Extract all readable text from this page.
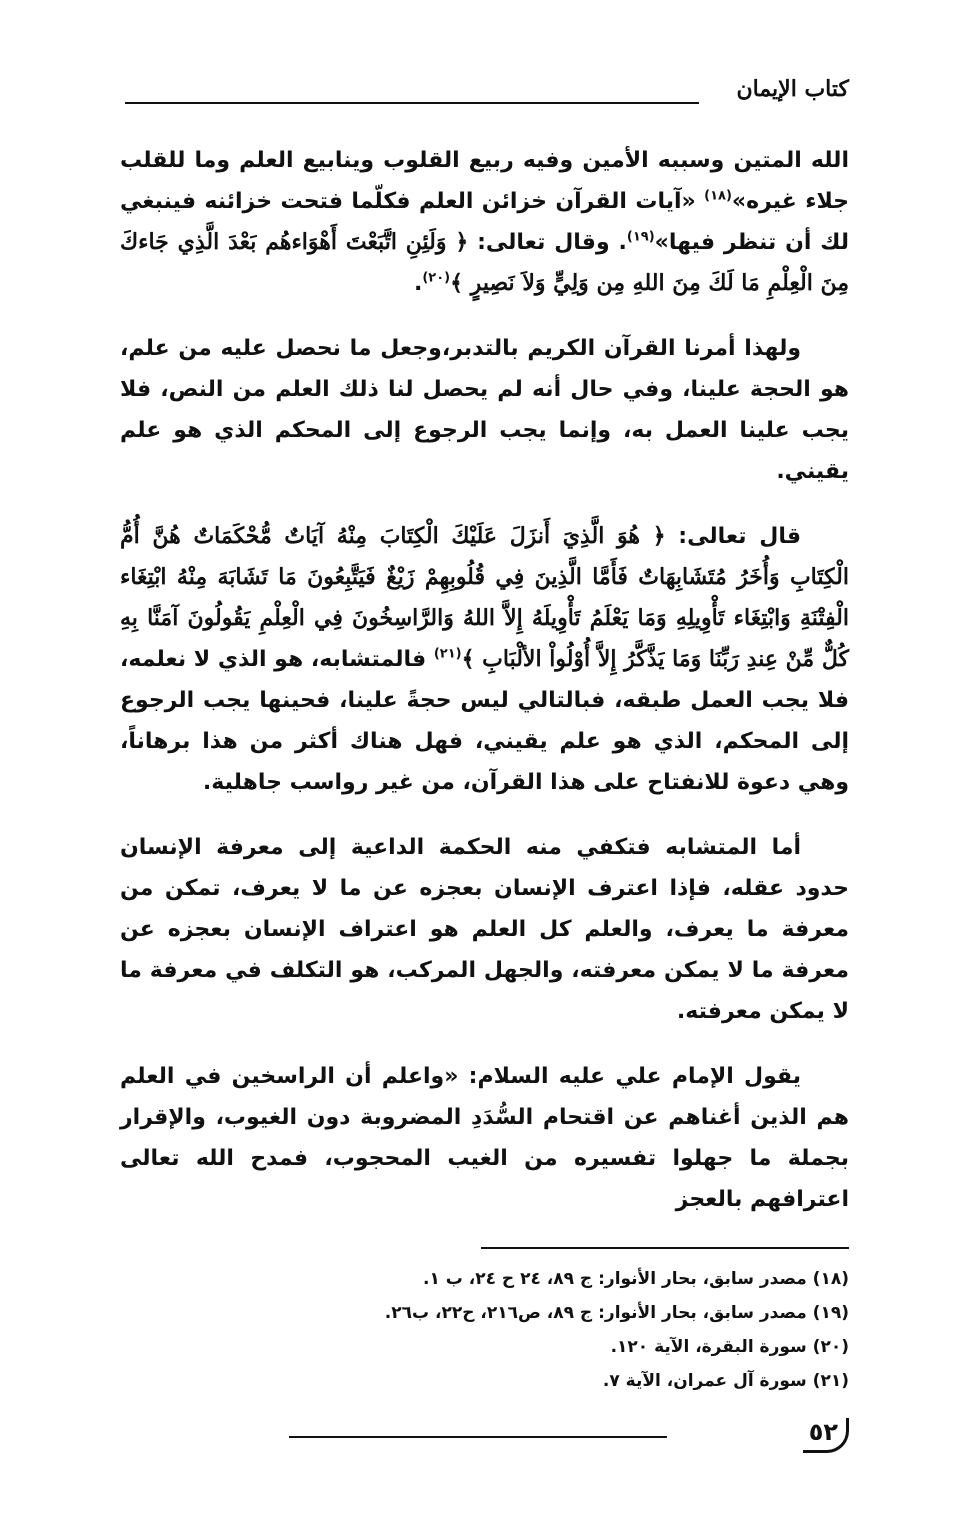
كتاب الإيمان

الله المتين وسببه الأمين وفيه ربيع القلوب وينابيع العلم وما للقلب جلاء غيره»$^{(١٨)}$ «آيات القرآن خزائن العلم فكلّما فتحت خزائنه فينبغي لك أن تنظر فيها»$^{(١٩)}$. وقال تعالى: ﴿ وَلَئِنِ اتَّبَعْتَ أَهْوَاءهُم بَعْدَ الَّذِي جَاءكَ مِنَ الْعِلْمِ مَا لَكَ مِنَ اللهِ مِن وَلِيٍّ وَلاَ نَصِيرٍ ﴾$^{(٢٠)}$.

ولهذا أمرنا القرآن الكريم بالتدبر،وجعل ما نحصل عليه من علم، هو الحجة علينا، وفي حال أنه لم يحصل لنا ذلك العلم من النص، فلا يجب علينا العمل به، وإنما يجب الرجوع إلى المحكم الذي هو علم يقيني.

قال تعالى: ﴿ هُوَ الَّذِيَ أَنزَلَ عَلَيْكَ الْكِتَابَ مِنْهُ آيَاتٌ مُّحْكَمَاتٌ هُنَّ أُمُّ الْكِتَابِ وَأُخَرُ مُتَشَابِهَاتٌ فَأَمَّا الَّذِينَ فِي قُلُوبِهِمْ زَيْغٌ فَيَتَّبِعُونَ مَا تَشَابَهَ مِنْهُ ابْتِغَاء الْفِتْنَةِ وَابْتِغَاء تَأْوِيلِهِ وَمَا يَعْلَمُ تَأْوِيلَهُ إِلاَّ اللهُ وَالرَّاسِخُونَ فِي الْعِلْمِ يَقُولُونَ آمَنَّا بِهِ كُلٌّ مِّنْ عِندِ رَبِّنَا وَمَا يَذَّكَّرُ إِلاَّ أُوْلُواْ الألْبَابِ ﴾$^{(٢١)}$ فالمتشابه، هو الذي لا نعلمه، فلا يجب العمل طبقه، فبالتالي ليس حجةً علينا، فحينها يجب الرجوع إلى المحكم، الذي هو علم يقيني، فهل هناك أكثر من هذا برهاناً، وهي دعوة للانفتاح على هذا القرآن، من غير رواسب جاهلية.

أما المتشابه فتكفي منه الحكمة الداعية إلى معرفة الإنسان حدود عقله، فإذا اعترف الإنسان بعجزه عن ما لا يعرف، تمكن من معرفة ما يعرف، والعلم كل العلم هو اعتراف الإنسان بعجزه عن معرفة ما لا يمكن معرفته، والجهل المركب، هو التكلف في معرفة ما لا يمكن معرفته.

يقول الإمام علي عليه السلام: «واعلم أن الراسخين في العلم هم الذين أغناهم عن اقتحام السُّدَدِ المضروبة دون الغيوب، والإقرار بجملة ما جهلوا تفسيره من الغيب المحجوب، فمدح الله تعالى اعترافهم بالعجز

(١٨) مصدر سابق، بحار الأنوار: ج ٨٩، ٢٤ ح ٢٤، ب ١.
(١٩) مصدر سابق، بحار الأنوار: ج ٨٩، ص٢١٦، ح٢٢، ب٢٦.
(٢٠) سورة البقرة، الآية ١٢٠.
(٢١) سورة آل عمران، الآية ٧.
٥٢
